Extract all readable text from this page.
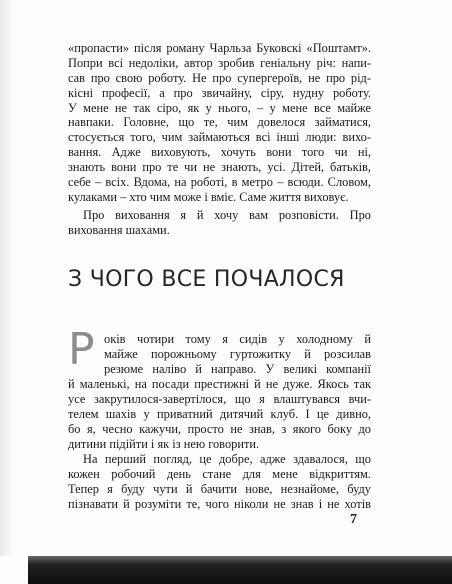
«пропасти» після роману Чарльза Буковскі «Поштамт».
Попри всі недоліки, автор зробив геніальну річ: напи-
сав про свою роботу. Не про супергероїв, не про рід-
кісні професії, а про звичайну, сіру, нудну роботу.
У мене не так сіро, як у нього, – у мене все майже
навпаки. Головне, що те, чим довелося займатися,
стосується того, чим займаються всі інші люди: вихо-
вання. Адже виховують, хочуть вони того чи ні,
знають вони про те чи не знають, усі. Дітей, батьків,
себе – всіх. Вдома, на роботі, в метро – всюди. Словом,
кулаками – хто чим може і вміє. Саме життя виховує.
Про виховання я й хочу вам розповісти. Про
виховання шахами.
З ЧОГО ВСЕ ПОЧАЛОСЯ
Р оків чотири тому я сидів у холодному й
майже порожньому гуртожитку й розсилав
резюме наліво й направо. У великі компанії
й маленькі, на посади престижні й не дуже. Якось так
усе закрутилося-завертілося, що я влаштувався вчи-
телем шахів у приватний дитячий клуб. І це дивно,
бо я, чесно кажучи, просто не знав, з якого боку до
дитини підійти і як із нею говорити.
На перший погляд, це добре, адже здавалося, що
кожен робочий день стане для мене відкриттям.
Тепер я буду чути й бачити нове, незнайоме, буду
пізнавати й розуміти те, чого ніколи не знав і не хотів
7
